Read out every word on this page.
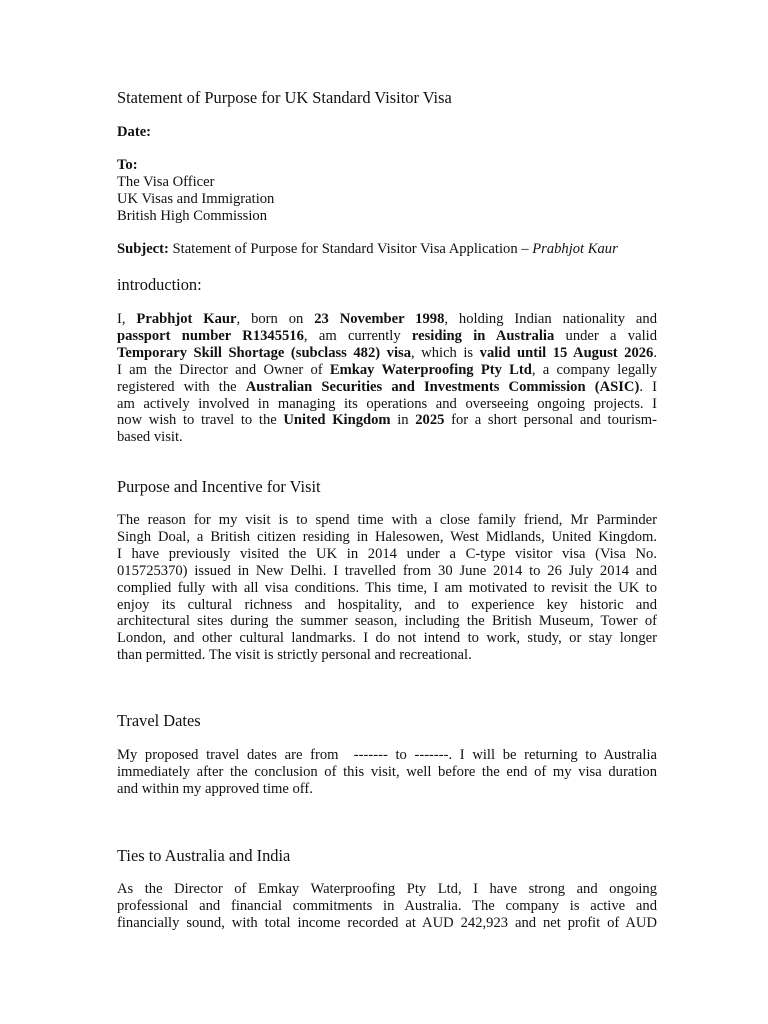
Statement of Purpose for UK Standard Visitor Visa
Date:
To:
The Visa Officer
UK Visas and Immigration
British High Commission
Subject: Statement of Purpose for Standard Visitor Visa Application – Prabhjot Kaur
introduction:
I, Prabhjot Kaur, born on 23 November 1998, holding Indian nationality and
passport number R1345516, am currently residing in Australia under a valid
Temporary Skill Shortage (subclass 482) visa, which is valid until 15 August 2026.
I am the Director and Owner of Emkay Waterproofing Pty Ltd, a company legally
registered with the Australian Securities and Investments Commission (ASIC). I
am actively involved in managing its operations and overseeing ongoing projects. I
now wish to travel to the United Kingdom in 2025 for a short personal and tourism-
based visit.
Purpose and Incentive for Visit
The reason for my visit is to spend time with a close family friend, Mr Parminder
Singh Doal, a British citizen residing in Halesowen, West Midlands, United Kingdom.
I have previously visited the UK in 2014 under a C-type visitor visa (Visa No.
015725370) issued in New Delhi. I travelled from 30 June 2014 to 26 July 2014 and
complied fully with all visa conditions. This time, I am motivated to revisit the UK to
enjoy its cultural richness and hospitality, and to experience key historic and
architectural sites during the summer season, including the British Museum, Tower of
London, and other cultural landmarks. I do not intend to work, study, or stay longer
than permitted. The visit is strictly personal and recreational.
Travel Dates
My proposed travel dates are from  ------- to -------. I will be returning to Australia
immediately after the conclusion of this visit, well before the end of my visa duration
and within my approved time off.
Ties to Australia and India
As the Director of Emkay Waterproofing Pty Ltd, I have strong and ongoing
professional and financial commitments in Australia. The company is active and
financially sound, with total income recorded at AUD 242,923 and net profit of AUD
